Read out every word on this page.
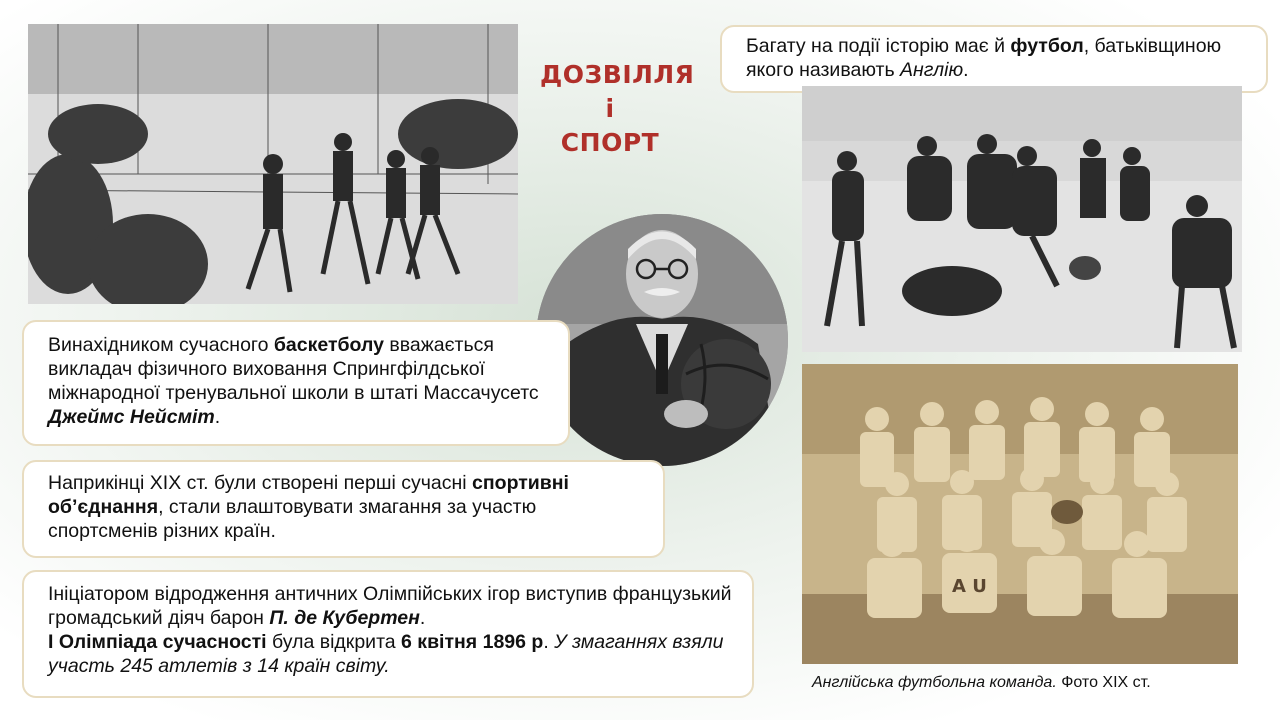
ДОЗВІЛЛЯ
і
СПОРТ
Багату на події історію має й футбол, батьківщиною якого називають Англію.
Винахідником сучасного баскетболу вважається викладач фізичного виховання Спрингфілдської міжнародної тренувальної школи в штаті Массачусетс Джеймс Нейсміт.
Наприкінці ХІХ ст. були створені перші сучасні спортивні об’єднання, стали влаштовувати змагання за участю спортсменів різних країн.
Ініціатором відродження античних Олімпійських ігор виступив французький громадський діяч барон П. де Кубертен.
І Олімпіада сучасності була відкрита 6 квітня 1896 р. У змаганнях взяли участь 245 атлетів з 14 країн світу.
A U
Англійська футбольна команда. Фото ХІХ ст.
